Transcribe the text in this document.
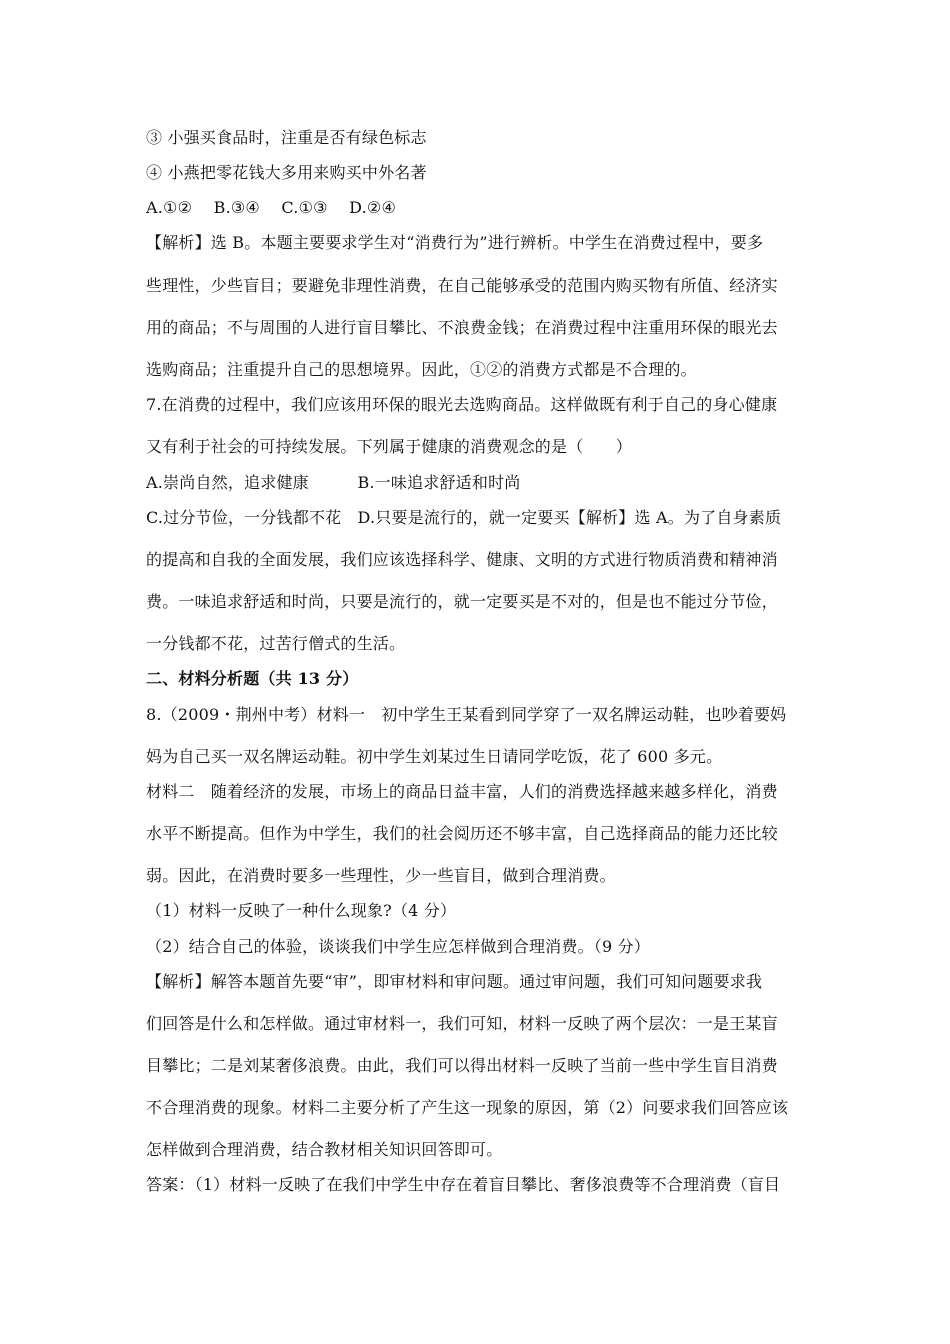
③ 小强买食品时，注重是否有绿色标志
④ 小燕把零花钱大多用来购买中外名著
A.①②　 B.③④　 C.①③　 D.②④
【解析】选 B。本题主要要求学生对“消费行为”进行辨析。中学生在消费过程中，要多
些理性，少些盲目；要避免非理性消费，在自己能够承受的范围内购买物有所值、经济实
用的商品；不与周围的人进行盲目攀比、不浪费金钱；在消费过程中注重用环保的眼光去
选购商品；注重提升自己的思想境界。因此，①②的消费方式都是不合理的。
7.在消费的过程中，我们应该用环保的眼光去选购商品。这样做既有利于自己的身心健康
又有利于社会的可持续发展。下列属于健康的消费观念的是（　　）
A.崇尚自然，追求健康　　　B.一味追求舒适和时尚
C.过分节俭，一分钱都不花　D.只要是流行的，就一定要买【解析】选 A。为了自身素质
的提高和自我的全面发展，我们应该选择科学、健康、文明的方式进行物质消费和精神消
费。一味追求舒适和时尚，只要是流行的，就一定要买是不对的，但是也不能过分节俭，
一分钱都不花，过苦行僧式的生活。
二、材料分析题（共 13 分）
8.（2009・荆州中考）材料一　初中学生王某看到同学穿了一双名牌运动鞋，也吵着要妈
妈为自己买一双名牌运动鞋。初中学生刘某过生日请同学吃饭，花了 600 多元。
材料二　随着经济的发展，市场上的商品日益丰富，人们的消费选择越来越多样化，消费
水平不断提高。但作为中学生，我们的社会阅历还不够丰富，自己选择商品的能力还比较
弱。因此，在消费时要多一些理性，少一些盲目，做到合理消费。
（1）材料一反映了一种什么现象?（4 分）
（2）结合自己的体验，谈谈我们中学生应怎样做到合理消费。（9 分）
【解析】解答本题首先要“审”，即审材料和审问题。通过审问题，我们可知问题要求我
们回答是什么和怎样做。通过审材料一，我们可知，材料一反映了两个层次：一是王某盲
目攀比；二是刘某奢侈浪费。由此，我们可以得出材料一反映了当前一些中学生盲目消费
不合理消费的现象。材料二主要分析了产生这一现象的原因，第（2）问要求我们回答应该
怎样做到合理消费，结合教材相关知识回答即可。
答案：（1）材料一反映了在我们中学生中存在着盲目攀比、奢侈浪费等不合理消费（盲目
